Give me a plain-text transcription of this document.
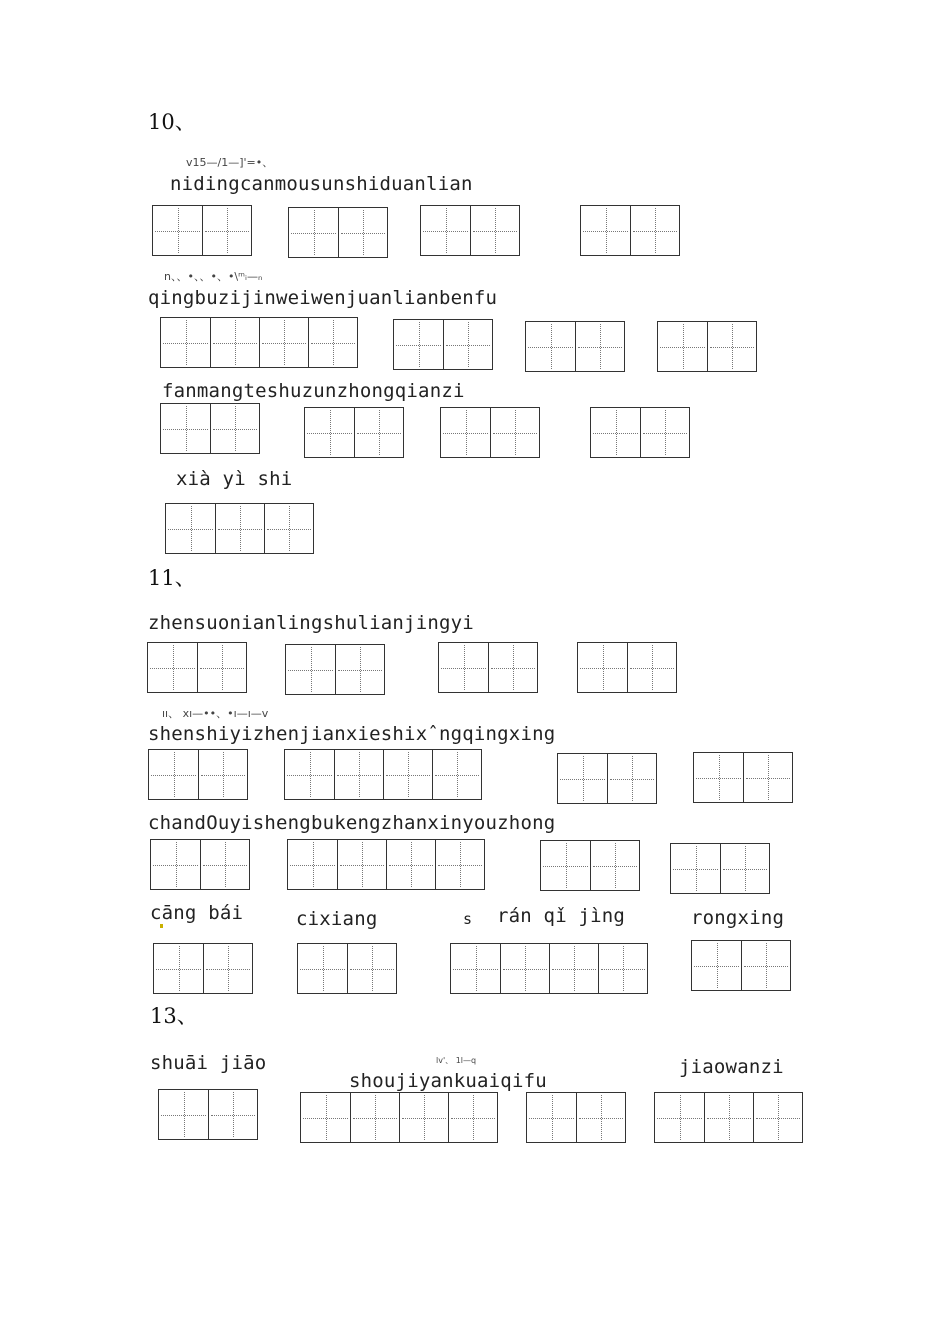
10、
v15—/1—]'=•、
nidingcanmousunshiduanlian
n、、•、、•、•\ᵐᵢ—ₙ
qingbuzijinweiwenjuanlianbenfu
fanmangteshuzunzhongqianzi
xià yì shi
11、
zhensuonianlingshulianjingyi
ıı、 xı—••、•ı—ı—v
shenshiyizhenjianxieshixˆngqingxing
chandOuyishengbukengzhanxinyouzhong
cāng bái	cixiang	s rán qǐ jìng	rongxing
13、
shuāi jiāo	lv'、 1l—q
shoujiyankuaiqifu
jiaowanzi
